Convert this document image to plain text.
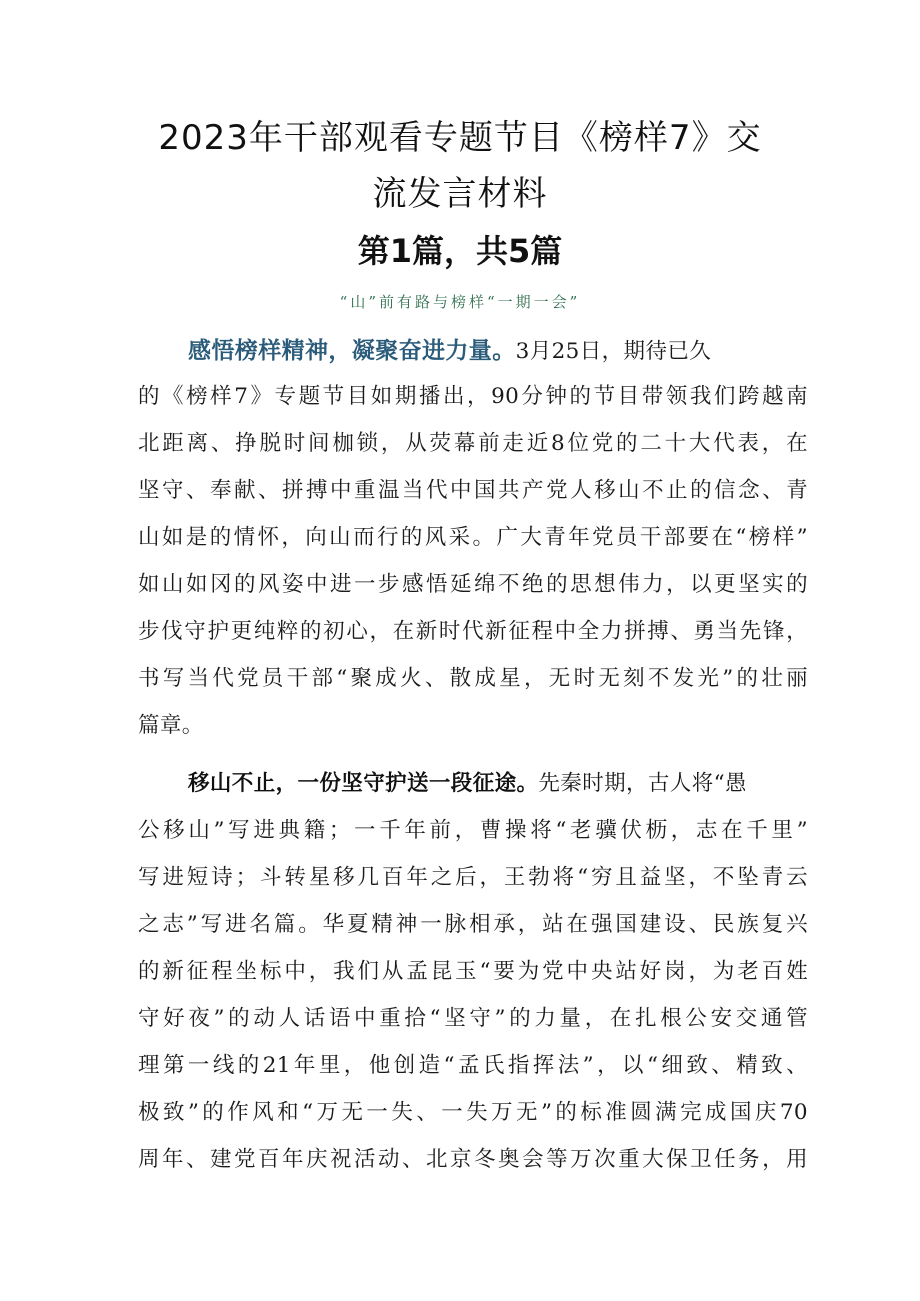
2023年干部观看专题节目《榜样7》交
流发言材料
第1篇，共5篇
“山”前有路与榜样“一期一会”
感悟榜样精神，凝聚奋进力量。3月25日，期待已久
的《榜样7》专题节目如期播出，90分钟的节目带领我们跨越南
北距离、挣脱时间枷锁，从荧幕前走近8位党的二十大代表，在
坚守、奉献、拼搏中重温当代中国共产党人移山不止的信念、青
山如是的情怀，向山而行的风采。广大青年党员干部要在“榜样”
如山如冈的风姿中进一步感悟延绵不绝的思想伟力，以更坚实的
步伐守护更纯粹的初心，在新时代新征程中全力拼搏、勇当先锋，
书写当代党员干部“聚成火、散成星，无时无刻不发光”的壮丽
篇章。
移山不止，一份坚守护送一段征途。先秦时期，古人将“愚
公移山”写进典籍；一千年前，曹操将“老骥伏枥，志在千里”
写进短诗；斗转星移几百年之后，王勃将“穷且益坚，不坠青云
之志”写进名篇。华夏精神一脉相承，站在强国建设、民族复兴
的新征程坐标中，我们从孟昆玉“要为党中央站好岗，为老百姓
守好夜”的动人话语中重拾“坚守”的力量，在扎根公安交通管
理第一线的21年里，他创造“孟氏指挥法”，以“细致、精致、
极致”的作风和“万无一失、一失万无”的标准圆满完成国庆70
周年、建党百年庆祝活动、北京冬奥会等万次重大保卫任务，用
